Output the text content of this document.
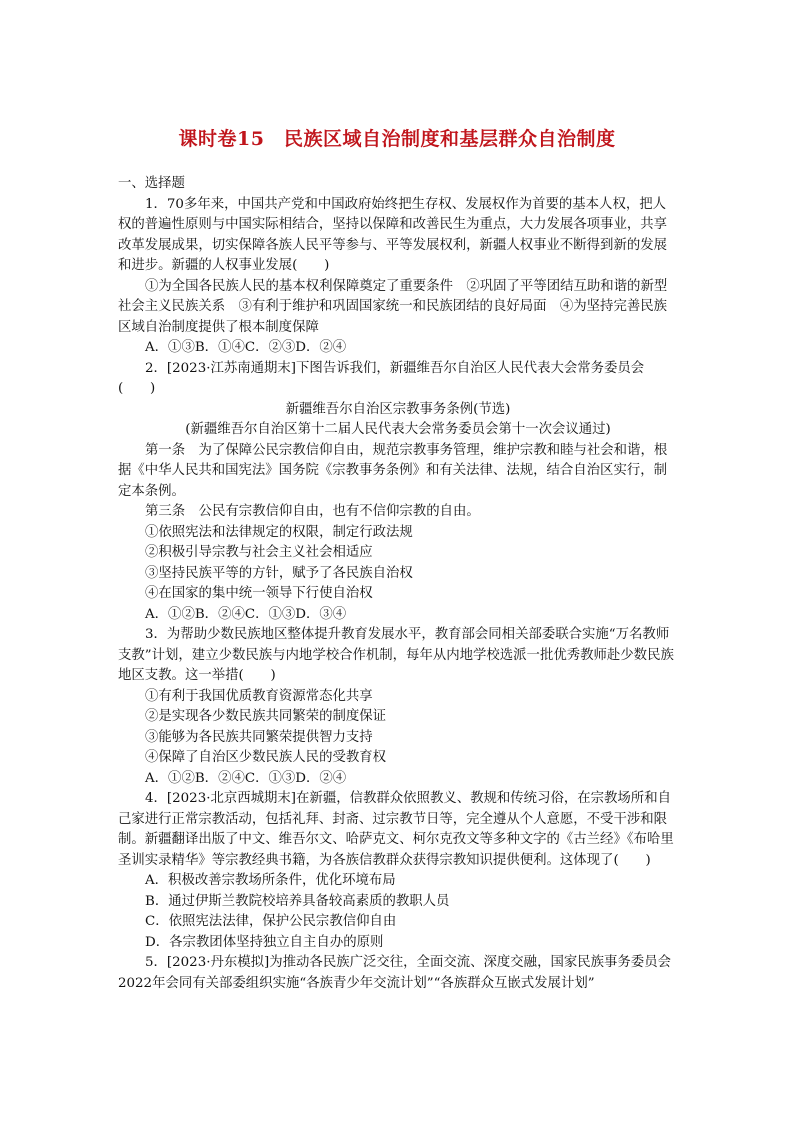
课时卷15　民族区域自治制度和基层群众自治制度

一、选择题

1．70多年来，中国共产党和中国政府始终把生存权、发展权作为首要的基本人权，把人权的普遍性原则与中国实际相结合，坚持以保障和改善民生为重点，大力发展各项事业，共享改革发展成果，切实保障各族人民平等参与、平等发展权利，新疆人权事业不断得到新的发展和进步。新疆的人权事业发展(　　)

①为全国各民族人民的基本权利保障奠定了重要条件　②巩固了平等团结互助和谐的新型社会主义民族关系　③有利于维护和巩固国家统一和民族团结的良好局面　④为坚持完善民族区域自治制度提供了根本制度保障

A．①③B．①④C．②③D．②④

2．[2023·江苏南通期末]下图告诉我们，新疆维吾尔自治区人民代表大会常务委员会(　　)

新疆维吾尔自治区宗教事务条例(节选)

(新疆维吾尔自治区第十二届人民代表大会常务委员会第十一次会议通过)

第一条　为了保障公民宗教信仰自由，规范宗教事务管理，维护宗教和睦与社会和谐，根据《中华人民共和国宪法》国务院《宗教事务条例》和有关法律、法规，结合自治区实行，制定本条例。

第三条　公民有宗教信仰自由，也有不信仰宗教的自由。

①依照宪法和法律规定的权限，制定行政法规

②积极引导宗教与社会主义社会相适应

③坚持民族平等的方针，赋予了各民族自治权

④在国家的集中统一领导下行使自治权

A．①②B．②④C．①③D．③④

3．为帮助少数民族地区整体提升教育发展水平，教育部会同相关部委联合实施“万名教师支教”计划，建立少数民族与内地学校合作机制，每年从内地学校选派一批优秀教师赴少数民族地区支教。这一举措(　　)

①有利于我国优质教育资源常态化共享

②是实现各少数民族共同繁荣的制度保证

③能够为各民族共同繁荣提供智力支持

④保障了自治区少数民族人民的受教育权

A．①②B．②④C．①③D．②④

4．[2023·北京西城期末]在新疆，信教群众依照教义、教规和传统习俗，在宗教场所和自己家进行正常宗教活动，包括礼拜、封斋、过宗教节日等，完全遵从个人意愿，不受干涉和限制。新疆翻译出版了中文、维吾尔文、哈萨克文、柯尔克孜文等多种文字的《古兰经》《布哈里圣训实录精华》等宗教经典书籍，为各族信教群众获得宗教知识提供便利。这体现了(　　)

A．积极改善宗教场所条件，优化环境布局

B．通过伊斯兰教院校培养具备较高素质的教职人员

C．依照宪法法律，保护公民宗教信仰自由

D．各宗教团体坚持独立自主自办的原则

5．[2023·丹东模拟]为推动各民族广泛交往，全面交流、深度交融，国家民族事务委员会2022年会同有关部委组织实施“各族青少年交流计划”“各族群众互嵌式发展计划”
